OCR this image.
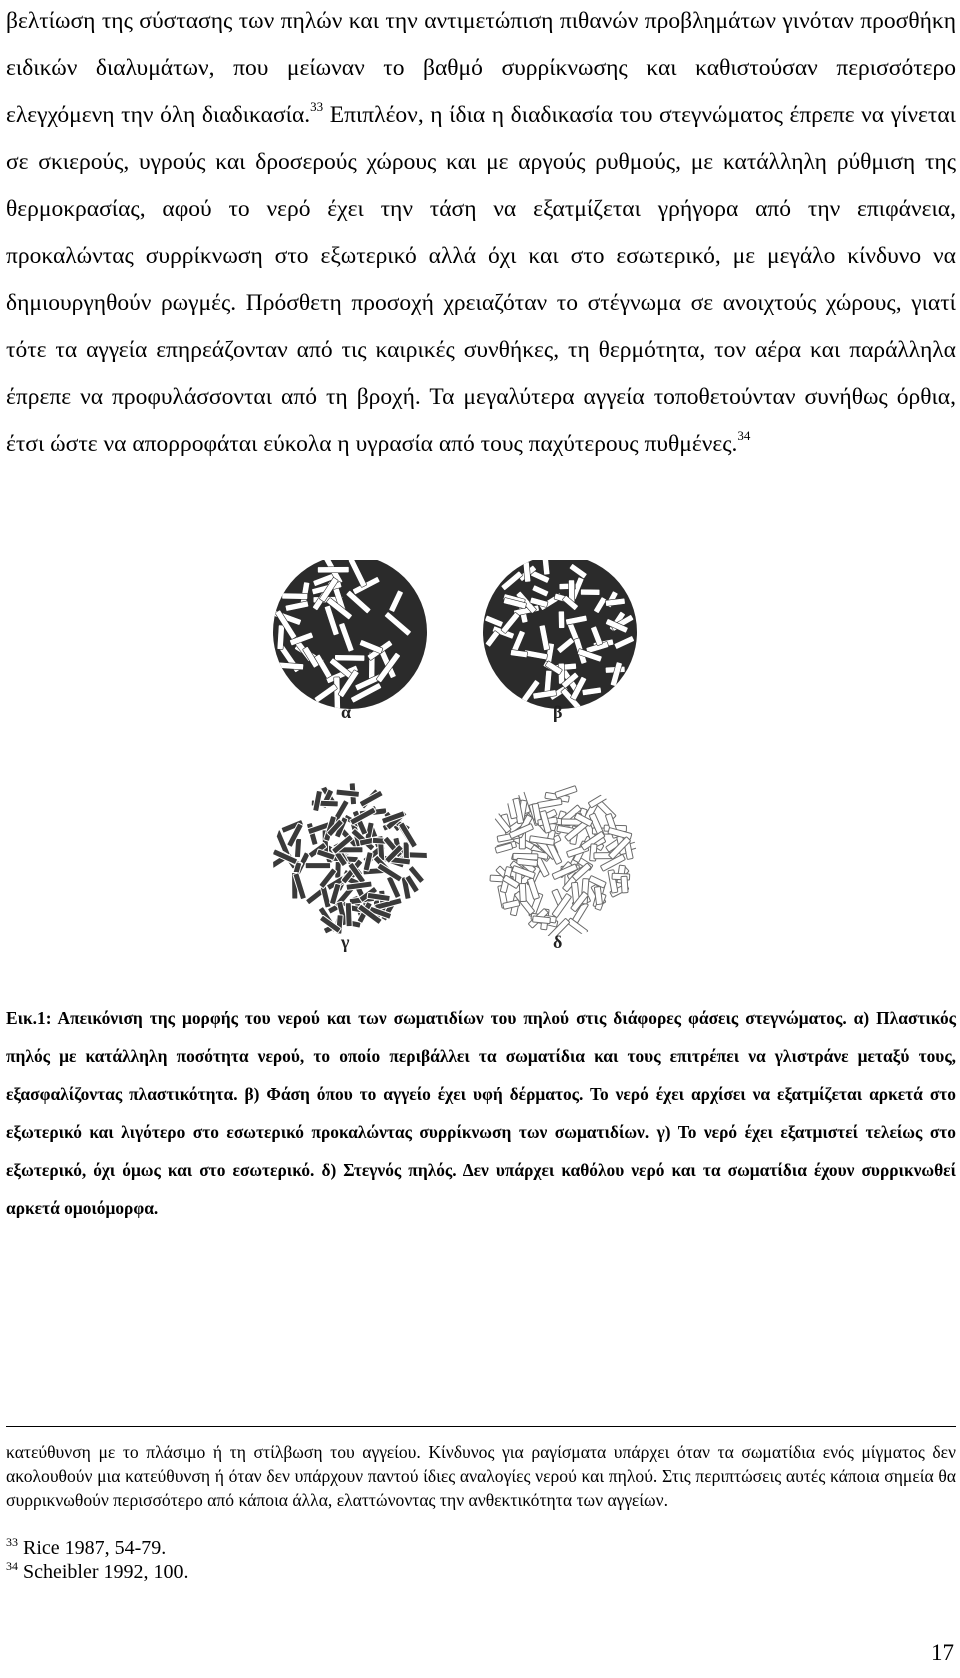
βελτίωση της σύστασης των πηλών και την αντιμετώπιση πιθανών προβλημάτων γινόταν προσθήκη ειδικών διαλυμάτων, που μείωναν το βαθμό συρρίκνωσης και καθιστούσαν περισσότερο ελεγχόμενη την όλη διαδικασία.$^{33}$ Επιπλέον, η ίδια η διαδικασία του στεγνώματος έπρεπε να γίνεται σε σκιερούς, υγρούς και δροσερούς χώρους και με αργούς ρυθμούς, με κατάλληλη ρύθμιση της θερμοκρασίας, αφού το νερό έχει την τάση να εξατμίζεται γρήγορα από την επιφάνεια, προκαλώντας συρρίκνωση στο εξωτερικό αλλά όχι και στο εσωτερικό, με μεγάλο κίνδυνο να δημιουργηθούν ρωγμές. Πρόσθετη προσοχή χρειαζόταν το στέγνωμα σε ανοιχτούς χώρους, γιατί τότε τα αγγεία επηρεάζονταν από τις καιρικές συνθήκες, τη θερμότητα, τον αέρα και παράλληλα έπρεπε να προφυλάσσονται από τη βροχή. Τα μεγαλύτερα αγγεία τοποθετούνταν συνήθως όρθια, έτσι ώστε να απορροφάται εύκολα η υγρασία από τους παχύτερους πυθμένες.$^{34}$

α	β
γ	δ

Εικ.1: Απεικόνιση της μορφής του νερού και των σωματιδίων του πηλού στις διάφορες φάσεις στεγνώματος. α) Πλαστικός πηλός με κατάλληλη ποσότητα νερού, το οποίο περιβάλλει τα σωματίδια και τους επιτρέπει να γλιστράνε μεταξύ τους, εξασφαλίζοντας πλαστικότητα. β) Φάση όπου το αγγείο έχει υφή δέρματος. Το νερό έχει αρχίσει να εξατμίζεται αρκετά στο εξωτερικό και λιγότερο στο εσωτερικό προκαλώντας συρρίκνωση των σωματιδίων. γ) Το νερό έχει εξατμιστεί τελείως στο εξωτερικό, όχι όμως και στο εσωτερικό. δ) Στεγνός πηλός. Δεν υπάρχει καθόλου νερό και τα σωματίδια έχουν συρρικνωθεί αρκετά ομοιόμορφα.

κατεύθυνση με το πλάσιμο ή τη στίλβωση του αγγείου. Κίνδυνος για ραγίσματα υπάρχει όταν τα σωματίδια ενός μίγματος δεν ακολουθούν μια κατεύθυνση ή όταν δεν υπάρχουν παντού ίδιες αναλογίες νερού και πηλού. Στις περιπτώσεις αυτές κάποια σημεία θα συρρικνωθούν περισσότερο από κάποια άλλα, ελαττώνοντας την ανθεκτικότητα των αγγείων.

$^{33}$ Rice 1987, 54-79.
$^{34}$ Scheibler 1992, 100.
17
